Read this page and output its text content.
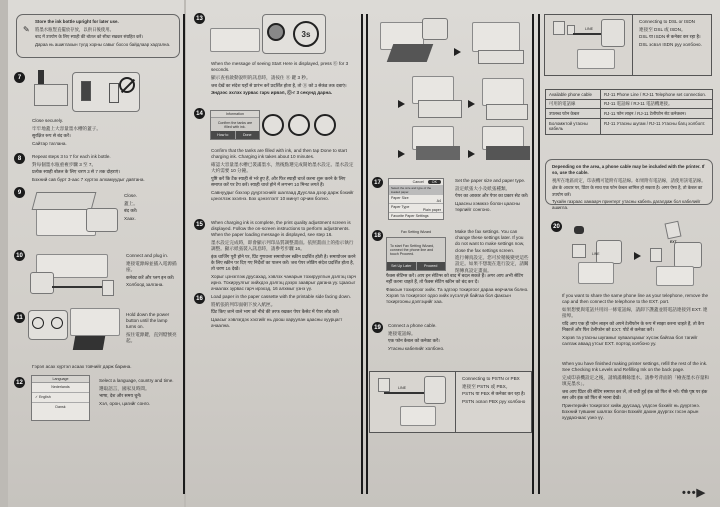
✎
Store the ink bottle upright for later use.
將墨水瓶豎直擺放存放，以供日後使用。
बाद में उपयोग के लिए स्याही की बोतल को सीधा रखकर संग्रहित करें।
Дараа нь ашиглахын тулд хорны савыг босоо байдлаар хадгална.
7
Close securely.
牢牢地蓋上大容量墨水槽的蓋子。
सुरक्षित रूप से बंद करें।
Сайтар таглана.
8	Repeat steps 3 to 7 for each ink bottle.
對每個墨水瓶重複步驟 3 至 7。
प्रत्येक स्याही बोतल के लिए चरण 3 से 7 तक दोहराएं।
Бэхний сав бүрт 3-аас 7 хүртэх алхамуудыг давтана.
9	Close.
蓋上。
बंद करें।
Хаах.
10	Connect and plug in.
連接電源線並插入電源插座。
कनेक्ट करें और प्लग इन करें।
Холбоод залгана.
11	Hold down the power button until the lamp turns on.
按住電源鍵，直到燈號亮起。
Гэрэл асах хүртэл асаах товчийг дарж барина.
12
Language
Nederlands
✓ English
Dansk
Select a language, country and time.
選取語言，國家及時間。
भाषा, देश और समय चुनें।
Хэл, орон, цагийг сонго.
13
3s
When the message of seeing Start Here is displayed, press ⓪ for 3 seconds.
顯示查看啟動說明的訊息時，請按住 ⓪ 鍵 3 秒。
जब देखें का संदेश यहाँ से प्रारंभ करें प्रदर्शित होता है, तो ⓪ को 3 सेकंड तक दबाएं।
Эндээс эхлэх зурвас гарч ирвэл, ⓪-г 3 секунд дарна.
14	Information
Confirm the tanks are filled with ink.
How to	Done
Confirm that the tanks are filled with ink, and then tap Done to start charging ink. Charging ink takes about 10 minutes.
確認大容量墨水槽已裝滿墨水，然後點選完成開始墨水設定。墨水設定大約需要 10 分鐘。
पुष्टि करें कि टैंक स्याही से भरे हुए हैं, और फिर स्याही चार्ज करना शुरू करने के लिए समाप्त करें पर टैप करें। स्याही चार्ज होने में लगभग 10 मिनट लगते हैं।
Савнуудыг бэхээр дүүргэснийг шалгаад Дууслаа дээр дарж бэхийг цэнэглэж эхэлнэ. Бэх цэнэглэлт 10 минут орчим болно.
15	When charging ink is complete, the print quality adjustment screen is displayed. Follow the on-screen instructions to perform adjustments. When the paper loading message is displayed, see step 16.
墨水設定完成時，即會顯示列印品質調整畫面。依照畫面上的指示執行調整。顯示紙張裝入訊息時，請參考步驟 16。
इंक चार्जिंग पूरी होने पर, प्रिंट गुणवत्ता समायोजन स्क्रीन प्रदर्शित होती है। समायोजन करने के लिए स्क्रीन पर दिए गए निर्देशों का पालन करें। जब पेपर लोडिंग संदेश प्रदर्शित होता है, तो चरण 16 देखें।
Хорыг цэнэглэж дуусахад, хэвлэх чанарын тохируулгын дэлгэц гарч ирнэ. Тохируулгыг хийхдээ дэлгэц дээрх зааврыг дагана уу. Цаасыг ачаалах зурвас гарч ирэхэд, 16 алхмыг үзнэ үү.
16	Load paper in the paper cassette with the printable side facing down.
將紙張的列印面朝下放入紙匣。
प्रिंट किए जाने वाले भाग को नीचे की तरफ रखकर पेपर कैसेट में पेपर लोड करें।
Цаасыг хэвлэгдэх хэсгийг нь доош харуулан цаасны хуурцагт ачаална.
17	Cancel	OK
Select the size and type of the loaded paper.
Paper Size
A4
Paper Type
Plain paper
Favorite Paper Settings
Set the paper size and paper type.
設定紙張大小及紙張種類。
पेपर का आकार और पेपर का प्रकार सेट करें।
Цаасны хэмжээ болон цаасны төрлийг сонгоно.
18
Fax Setting Wizard
To start Fax Setting Wizard, connect the phone line and touch Proceed.
Set Up Later	Proceed
Make the fax settings. You can change these settings later. If you do not want to make settings now, close the fax settings screen.
進行傳真設定。您可於稍後變更這些設定。如果不想現在進行設定，請關閉傳真設定畫面。
फैक्स सेटिंग्स करें। आप इन सेटिंग्स को बाद में बदल सकते हैं। अगर आप अभी सेटिंग नहीं करना चाहते हैं, तो फैक्स सेटिंग स्क्रीन को बंद कर दें।
Факсын тохиргоог хийх. Та эдгээр тохиргоог дараа өөрчилж болно. Хэрэв та тохиргоог одоо хийх хүсэлгүй байгаа бол факсын тохиргооны дэлгэцийг хаа.
19	Connect a phone cable.
連接電話線。
एक फोन केबल को कनेक्ट करें।
Утасны кабелийг холбоно.
LINE
Connecting to PSTN or PBX
連接至 PSTN 或 PBX。
PSTN या PBX से कनेक्ट कर रहा है।
PSTN эсвэл PBX руу холбоно
LINE
Connecting to DSL or ISDN
連接至 DSL 或 ISDN。
DSL या ISDN से कनेक्ट कर रहा है।
DSL эсвэл ISDN руу холбоно.
Available phone cable	RJ-11 Phone Line / RJ-11 Telephone set connection.
可用的電話線	RJ-11 電話線 / RJ-11 電話機連接。
उपलब्ध फोन केबल	RJ-11 फोन लाइन / RJ-11 टेलीफोन सेट कनेक्शन।
Боломжтой утасны кабель	RJ-11 Утасны шугам / RJ-11 Утасны багц холболт.
Depending on the area, a phone cable may be included with the printer. If so, use the cable.
視所在地區而定，印表機可能附有電話線。如果附有電話線，請使用該電話線。
क्षेत्र के आधार पर, प्रिंटर के साथ एक फोन केबल शामिल हो सकता है। अगर ऐसा है, तो केबल का उपयोग करें।
Тухайн газраас хамаарч принтерт утасны кабель дагалдаж бол кабелийг ашигла.
20
LINE
EXT.
If you want to share the same phone line as your telephone, remove the cap and then connect the telephone to the EXT. port.
如果想要與電話共用同一條電話線，請卸下護蓋並將電話連接到 EXT. 連接埠。
यदि आप एक ही फोन लाइन को अपने टेलीफोन के रूप में साझा करना चाहते हैं, तो कैप निकालें और फिर टेलीफोन को EXT. पोर्ट से कनेक्ट करें।
Хэрэв та утасны шугамыг хуваалцахыг хүсэж байгаа бол тагийг салгаж аваад утсыг EXT. портод холбоно уу.
When you have finished making printer settings, refill the rest of the ink. See Checking Ink Levels and Refilling Ink on the back page.
完成印表機設定之後，請填滿剩餘墨水。請參考背面的「檢查墨水存量和填充墨水」。
जब आप प्रिंटर की सेटिंग समाप्त कर लें, तो बची हुई इंक को फिर से भरें। पीछे पृष्ठ पर इंक स्तर और इंक को फिर से भरना देखें।
Принтерийн тохиргоог хийж дуусаад, үлдсэн бэхийг нь дүүргэнэ. Бэхний түвшинг шалгах болон Бэхийг дахин дүүргэх гэсэн арын хуудаснаас үзнэ үү.
•••▶
